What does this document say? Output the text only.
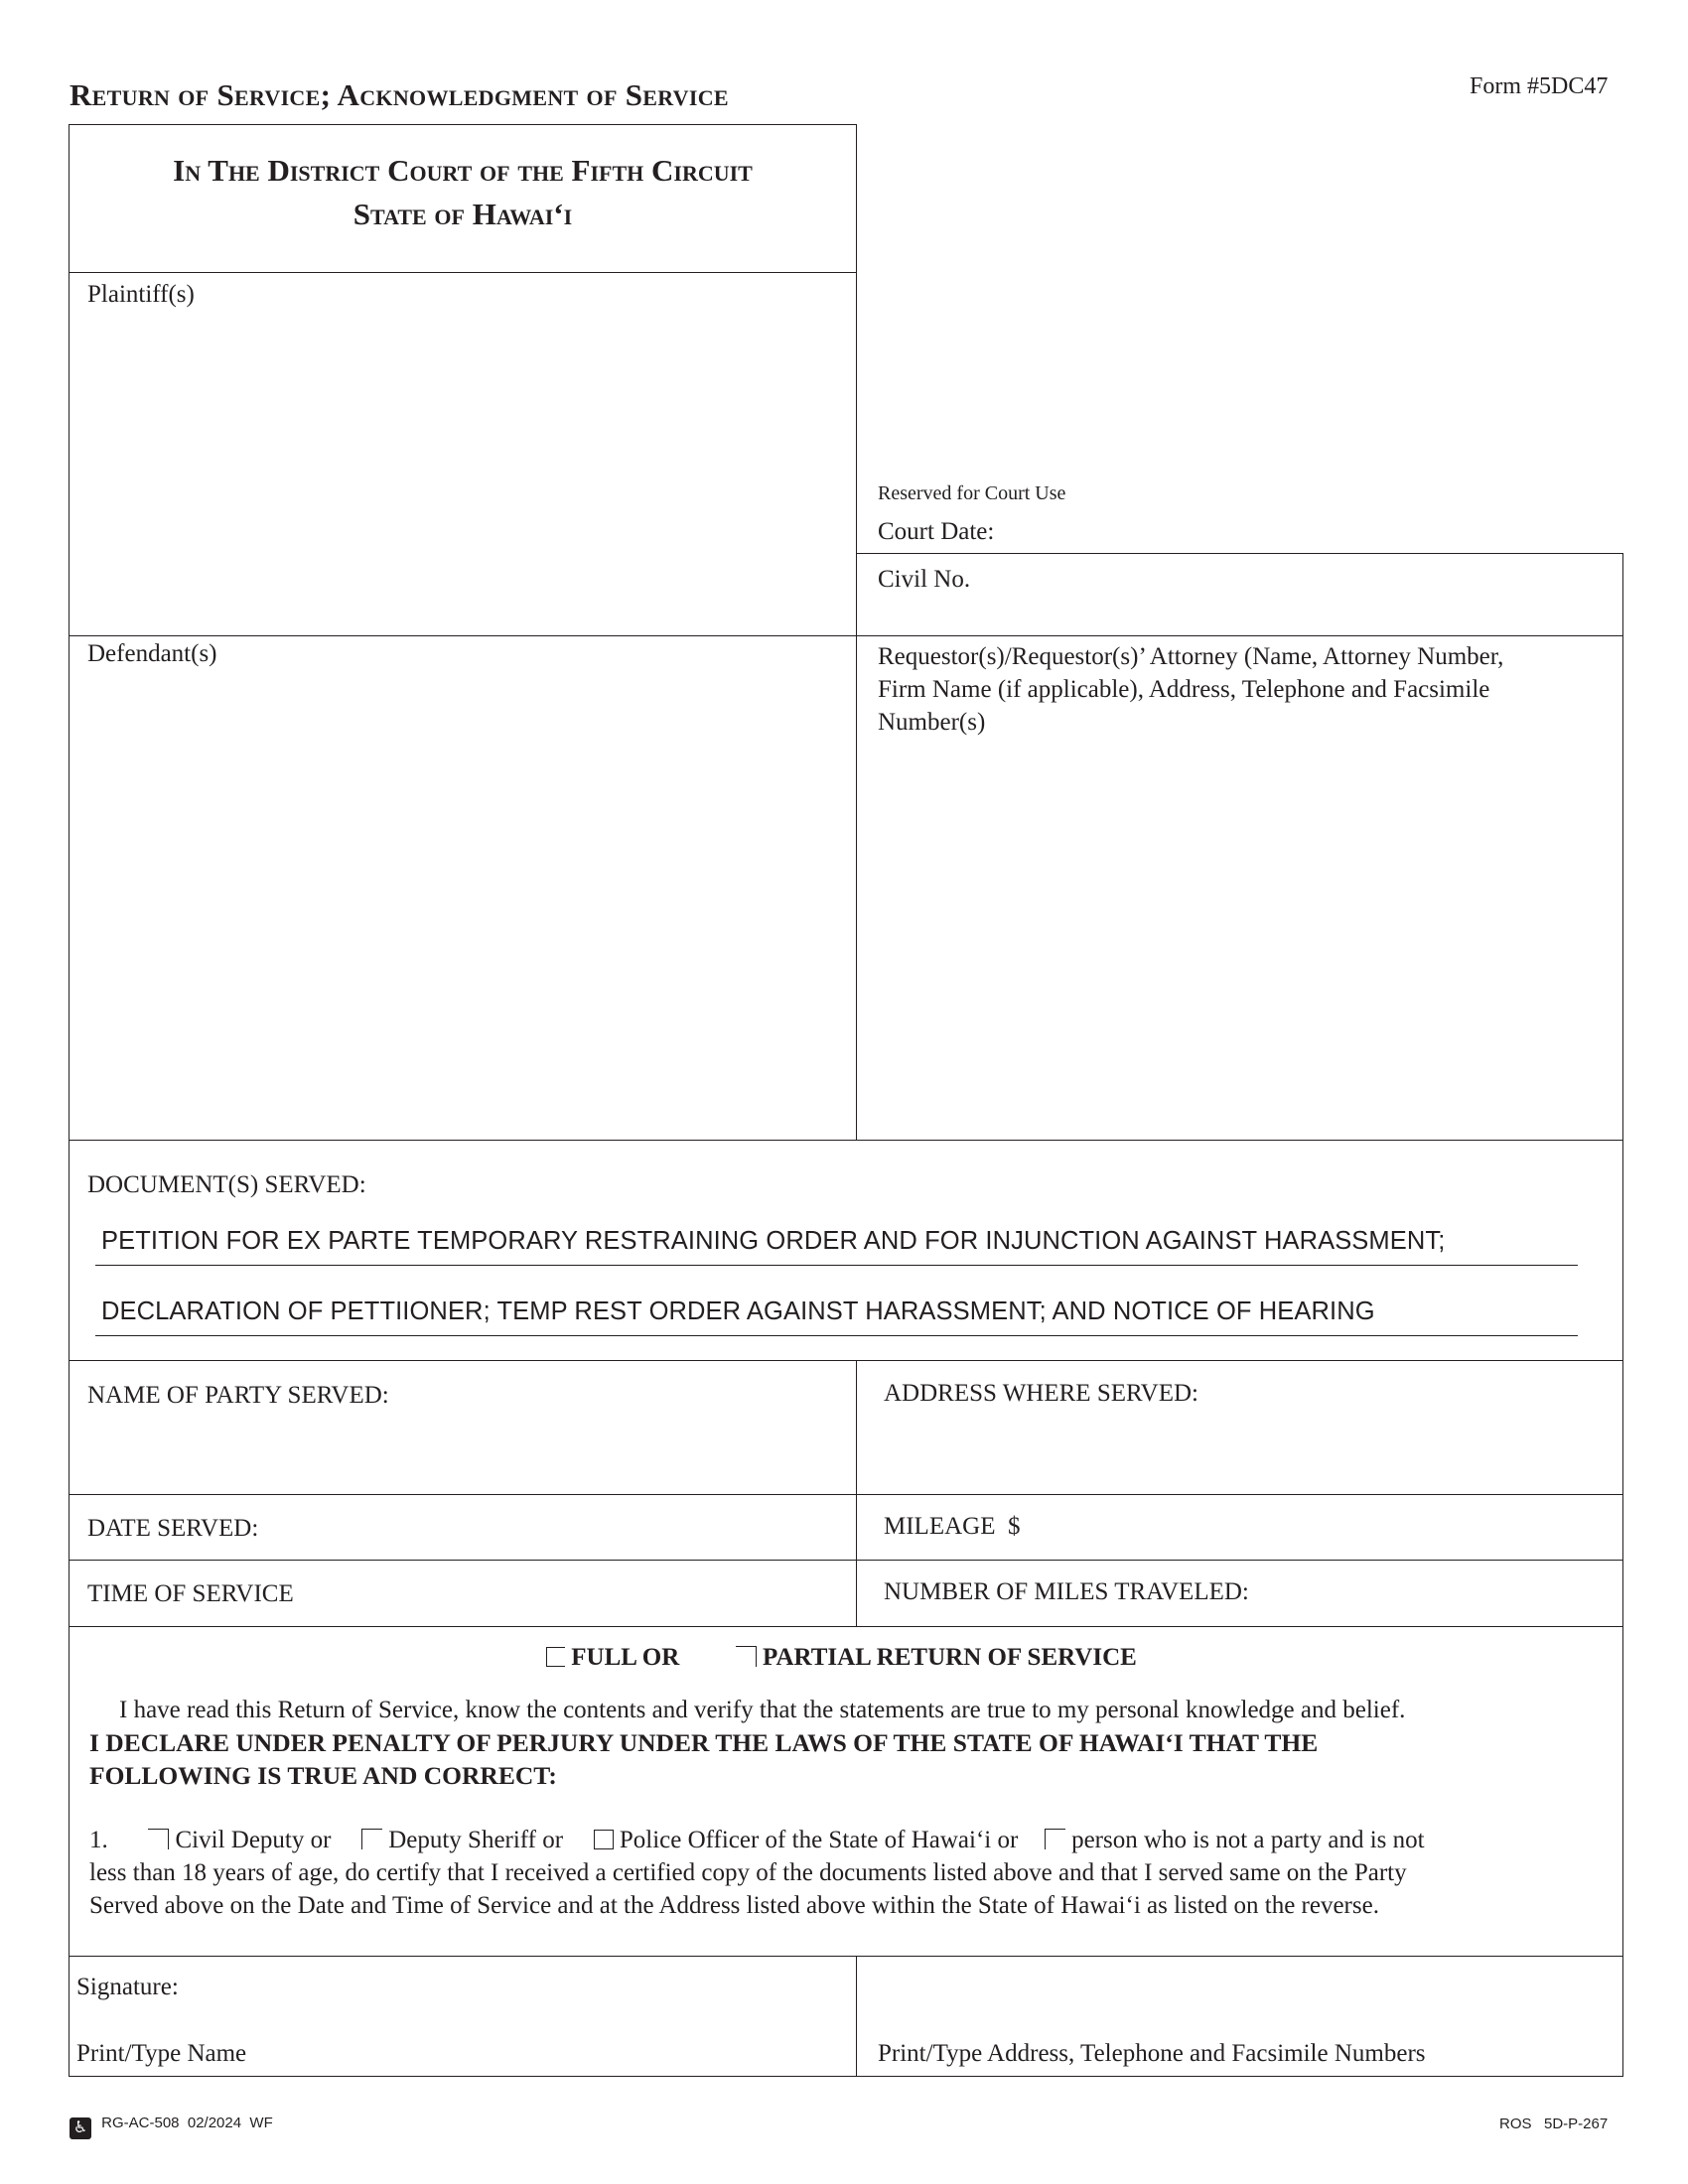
Return of Service; Acknowledgment of Service	Form #5DC47
In The District Court of the Fifth Circuit
State of Hawai‘i
Plaintiff(s)
Reserved for Court Use
Court Date:
Civil No.
Defendant(s)	Requestor(s)/Requestor(s)’ Attorney (Name, Attorney Number,
Firm Name (if applicable), Address, Telephone and Facsimile
Number(s)
DOCUMENT(S) SERVED:
PETITION FOR EX PARTE TEMPORARY RESTRAINING ORDER AND FOR INJUNCTION AGAINST HARASSMENT;
DECLARATION OF PETTIIONER; TEMP REST ORDER AGAINST HARASSMENT; AND NOTICE OF HEARING
NAME OF PARTY SERVED:	ADDRESS WHERE SERVED:
DATE SERVED:	MILEAGE  $
TIME OF SERVICE	NUMBER OF MILES TRAVELED:
FULL OR	PARTIAL RETURN OF SERVICE
I have read this Return of Service, know the contents and verify that the statements are true to my personal knowledge and belief.
I DECLARE UNDER PENALTY OF PERJURY UNDER THE LAWS OF THE STATE OF HAWAI‘I THAT THE
FOLLOWING IS TRUE AND CORRECT:
1.	Civil Deputy or Deputy Sheriff or Police Officer of the State of Hawai‘i or person who is not a party and is not
less than 18 years of age, do certify that I received a certified copy of the documents listed above and that I served same on the Party
Served above on the Date and Time of Service and at the Address listed above within the State of Hawai‘i as listed on the reverse.
Signature:
Print/Type Name	Print/Type Address, Telephone and Facsimile Numbers
♿ RG-AC-508  02/2024  WF	ROS   5D-P-267
